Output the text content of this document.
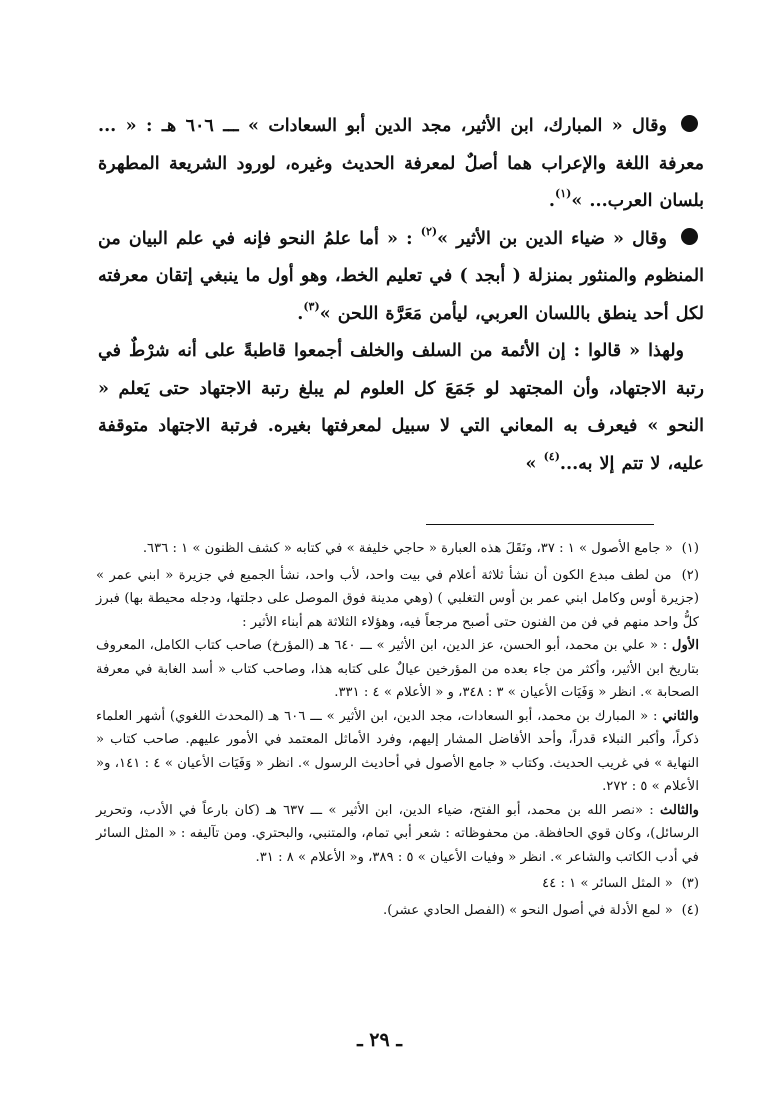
وقال « المبارك، ابن الأثير، مجد الدين أبو السعادات » ـــ ٦٠٦ هـ : « ... معرفة اللغة والإعراب هما أصلٌ لمعرفة الحديث وغيره، لورود الشريعة المطهرة بلسان العرب... »$^{(١)}$.

وقال « ضياء الدين بن الأثير »$^{(٢)}$ : « أما علمُ النحو فإنه في علم البيان من المنظوم والمنثور بمنزلة ( أبجد ) في تعليم الخط، وهو أول ما ينبغي إتقان معرفته لكل أحد ينطق باللسان العربي، ليأمن مَعَرَّة اللحن »$^{(٣)}$.

ولهذا « قالوا : إن الأئمة من السلف والخلف أجمعوا قاطبةً على أنه شرْطٌ في رتبة الاجتهاد، وأن المجتهد لو جَمَعَ كل العلوم لم يبلغ رتبة الاجتهاد حتى يَعلم « النحو » فيعرف به المعاني التي لا سبيل لمعرفتها بغيره. فرتبة الاجتهاد متوقفة عليه، لا تتم إلا به...$^{(٤)}$ »

(١) « جامع الأصول » ١ : ٣٧، ونَقَلَ هذه العبارة « حاجي خليفة » في كتابه « كشف الظنون » ١ : ٦٣٦.

(٢) من لطف مبدع الكون أن نشأ ثلاثة أعلام في بيت واحد، لأب واحد، نشأ الجميع في جزيرة « ابني عمر » (جزيرة أوس وكامل ابني عمر بن أوس التغلبي ) (وهي مدينة فوق الموصل على دجلتها، ودجله محيطة بها) فبرز كلُّ واحد منهم في فن من الفنون حتى أصبح مرجعاً فيه، وهؤلاء الثلاثة هم أبناء الأثير :

الأول : « علي بن محمد، أبو الحسن، عز الدين، ابن الأثير » ـــ ٦٤٠ هـ (المؤرخ) صاحب كتاب الكامل، المعروف بتاريخ ابن الأثير، وأكثر من جاء بعده من المؤرخين عيالٌ على كتابه هذا، وصاحب كتاب « أسد الغابة في معرفة الصحابة ». انظر « وَفَيَات الأعيان » ٣ : ٣٤٨، و « الأعلام » ٤ : ٣٣١.

والثاني : « المبارك بن محمد، أبو السعادات، مجد الدين، ابن الأثير » ـــ ٦٠٦ هـ (المحدث اللغوي) أشهر العلماء ذكراً، وأكبر النبلاء قدراً، وأحد الأفاضل المشار إليهم، وفرد الأماثل المعتمد في الأمور عليهم. صاحب كتاب « النهاية » في غريب الحديث. وكتاب « جامع الأصول في أحاديث الرسول ». انظر « وَفَيَات الأعيان » ٤ : ١٤١، و« الأعلام » ٥ : ٢٧٢.

والثالث : «نصر الله بن محمد، أبو الفتح، ضياء الدين، ابن الأثير » ـــ ٦٣٧ هـ (كان بارعاً في الأدب، وتحرير الرسائل)، وكان قوي الحافظة. من محفوظاته : شعر أبي تمام، والمتنبي، والبحتري. ومن تآليفه : « المثل السائر في أدب الكاتب والشاعر ». انظر « وفيات الأعيان » ٥ : ٣٨٩، و« الأعلام » ٨ : ٣١.

(٣) « المثل السائر » ١ : ٤٤

(٤) « لمع الأدلة في أصول النحو » (الفصل الحادي عشر).

ـ ٢٩ ـ
